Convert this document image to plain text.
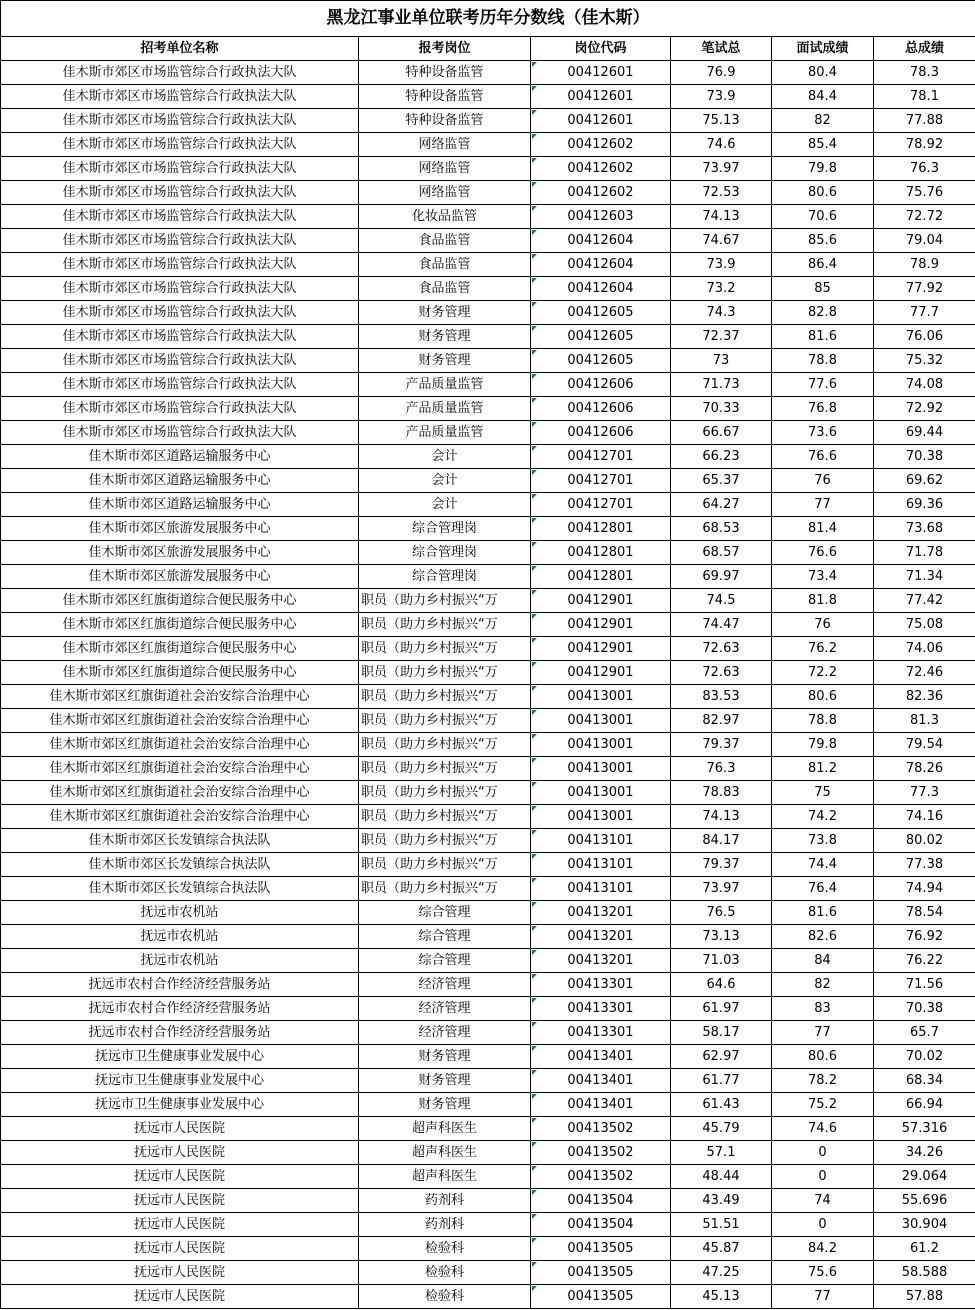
黑龙江事业单位联考历年分数线（佳木斯）					
招考单位名称	报考岗位	岗位代码	笔试总	面试成绩	总成绩
佳木斯市郊区市场监管综合行政执法大队	特种设备监管	00412601	76.9	80.4	78.3
佳木斯市郊区市场监管综合行政执法大队	特种设备监管	00412601	73.9	84.4	78.1
佳木斯市郊区市场监管综合行政执法大队	特种设备监管	00412601	75.13	82	77.88
佳木斯市郊区市场监管综合行政执法大队	网络监管	00412602	74.6	85.4	78.92
佳木斯市郊区市场监管综合行政执法大队	网络监管	00412602	73.97	79.8	76.3
佳木斯市郊区市场监管综合行政执法大队	网络监管	00412602	72.53	80.6	75.76
佳木斯市郊区市场监管综合行政执法大队	化妆品监管	00412603	74.13	70.6	72.72
佳木斯市郊区市场监管综合行政执法大队	食品监管	00412604	74.67	85.6	79.04
佳木斯市郊区市场监管综合行政执法大队	食品监管	00412604	73.9	86.4	78.9
佳木斯市郊区市场监管综合行政执法大队	食品监管	00412604	73.2	85	77.92
佳木斯市郊区市场监管综合行政执法大队	财务管理	00412605	74.3	82.8	77.7
佳木斯市郊区市场监管综合行政执法大队	财务管理	00412605	72.37	81.6	76.06
佳木斯市郊区市场监管综合行政执法大队	财务管理	00412605	73	78.8	75.32
佳木斯市郊区市场监管综合行政执法大队	产品质量监管	00412606	71.73	77.6	74.08
佳木斯市郊区市场监管综合行政执法大队	产品质量监管	00412606	70.33	76.8	72.92
佳木斯市郊区市场监管综合行政执法大队	产品质量监管	00412606	66.67	73.6	69.44
佳木斯市郊区道路运输服务中心	会计	00412701	66.23	76.6	70.38
佳木斯市郊区道路运输服务中心	会计	00412701	65.37	76	69.62
佳木斯市郊区道路运输服务中心	会计	00412701	64.27	77	69.36
佳木斯市郊区旅游发展服务中心	综合管理岗	00412801	68.53	81.4	73.68
佳木斯市郊区旅游发展服务中心	综合管理岗	00412801	68.57	76.6	71.78
佳木斯市郊区旅游发展服务中心	综合管理岗	00412801	69.97	73.4	71.34
佳木斯市郊区红旗街道综合便民服务中心	职员（助力乡村振兴“万	00412901	74.5	81.8	77.42
佳木斯市郊区红旗街道综合便民服务中心	职员（助力乡村振兴“万	00412901	74.47	76	75.08
佳木斯市郊区红旗街道综合便民服务中心	职员（助力乡村振兴“万	00412901	72.63	76.2	74.06
佳木斯市郊区红旗街道综合便民服务中心	职员（助力乡村振兴“万	00412901	72.63	72.2	72.46
佳木斯市郊区红旗街道社会治安综合治理中心	职员（助力乡村振兴“万	00413001	83.53	80.6	82.36
佳木斯市郊区红旗街道社会治安综合治理中心	职员（助力乡村振兴“万	00413001	82.97	78.8	81.3
佳木斯市郊区红旗街道社会治安综合治理中心	职员（助力乡村振兴“万	00413001	79.37	79.8	79.54
佳木斯市郊区红旗街道社会治安综合治理中心	职员（助力乡村振兴“万	00413001	76.3	81.2	78.26
佳木斯市郊区红旗街道社会治安综合治理中心	职员（助力乡村振兴“万	00413001	78.83	75	77.3
佳木斯市郊区红旗街道社会治安综合治理中心	职员（助力乡村振兴“万	00413001	74.13	74.2	74.16
佳木斯市郊区长发镇综合执法队	职员（助力乡村振兴“万	00413101	84.17	73.8	80.02
佳木斯市郊区长发镇综合执法队	职员（助力乡村振兴“万	00413101	79.37	74.4	77.38
佳木斯市郊区长发镇综合执法队	职员（助力乡村振兴“万	00413101	73.97	76.4	74.94
抚远市农机站	综合管理	00413201	76.5	81.6	78.54
抚远市农机站	综合管理	00413201	73.13	82.6	76.92
抚远市农机站	综合管理	00413201	71.03	84	76.22
抚远市农村合作经济经营服务站	经济管理	00413301	64.6	82	71.56
抚远市农村合作经济经营服务站	经济管理	00413301	61.97	83	70.38
抚远市农村合作经济经营服务站	经济管理	00413301	58.17	77	65.7
抚远市卫生健康事业发展中心	财务管理	00413401	62.97	80.6	70.02
抚远市卫生健康事业发展中心	财务管理	00413401	61.77	78.2	68.34
抚远市卫生健康事业发展中心	财务管理	00413401	61.43	75.2	66.94
抚远市人民医院	超声科医生	00413502	45.79	74.6	57.316
抚远市人民医院	超声科医生	00413502	57.1	0	34.26
抚远市人民医院	超声科医生	00413502	48.44	0	29.064
抚远市人民医院	药剂科	00413504	43.49	74	55.696
抚远市人民医院	药剂科	00413504	51.51	0	30.904
抚远市人民医院	检验科	00413505	45.87	84.2	61.2
抚远市人民医院	检验科	00413505	47.25	75.6	58.588
抚远市人民医院	检验科	00413505	45.13	77	57.88
